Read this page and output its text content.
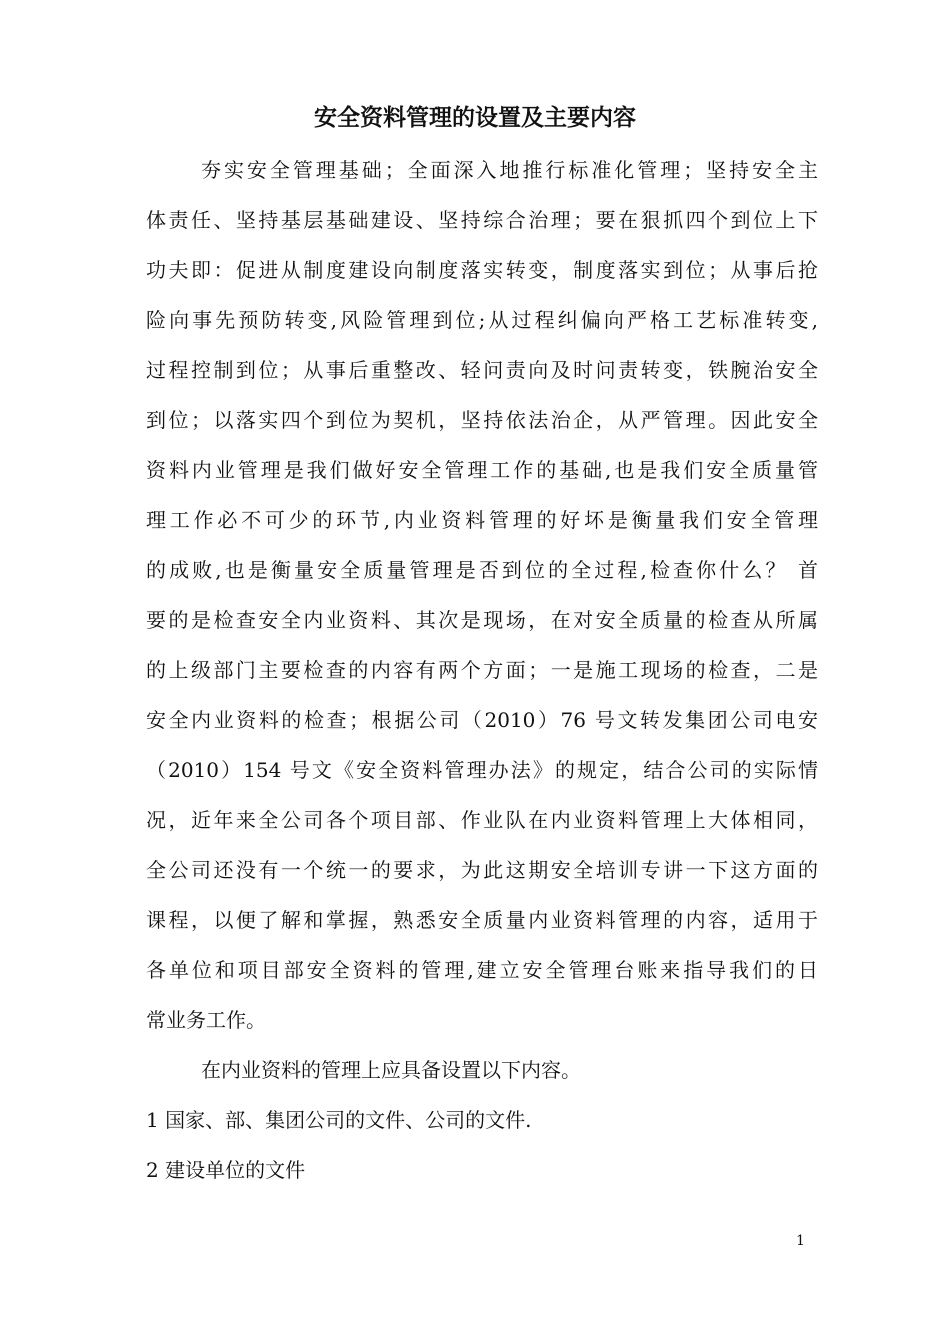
安全资料管理的设置及主要内容
夯实安全管理基础；全面深入地推行标准化管理；坚持安全主
体责任、坚持基层基础建设、坚持综合治理；要在狠抓四个到位上下
功夫即：促进从制度建设向制度落实转变，制度落实到位；从事后抢
险向事先预防转变,风险管理到位;从过程纠偏向严格工艺标准转变,
过程控制到位；从事后重整改、轻问责向及时问责转变，铁腕治安全
到位；以落实四个到位为契机，坚持依法治企，从严管理。因此安全
资料内业管理是我们做好安全管理工作的基础,也是我们安全质量管
理工作必不可少的环节,内业资料管理的好坏是衡量我们安全管理
的成败,也是衡量安全质量管理是否到位的全过程,检查你什么？ 首
要的是检查安全内业资料、其次是现场，在对安全质量的检查从所属
的上级部门主要检查的内容有两个方面；一是施工现场的检查，二是
安全内业资料的检查；根据公司（2010）76 号文转发集团公司电安
（2010）154 号文《安全资料管理办法》的规定，结合公司的实际情
况，近年来全公司各个项目部、作业队在内业资料管理上大体相同，
全公司还没有一个统一的要求，为此这期安全培训专讲一下这方面的
课程，以便了解和掌握，熟悉安全质量内业资料管理的内容，适用于
各单位和项目部安全资料的管理,建立安全管理台账来指导我们的日
常业务工作。
在内业资料的管理上应具备设置以下内容。
1 国家、部、集团公司的文件、公司的文件.
2 建设单位的文件
1
